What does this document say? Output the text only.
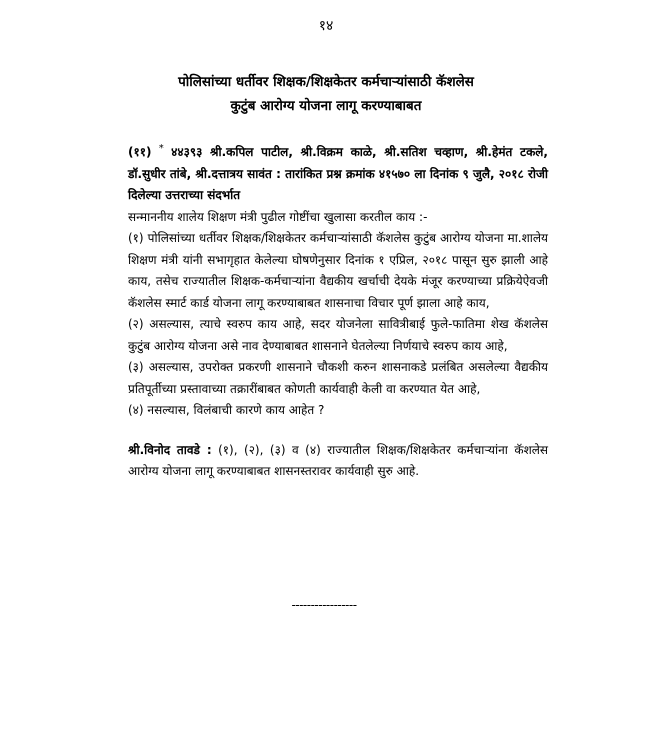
१४
पोलिसांच्या धर्तीवर शिक्षक/शिक्षकेतर कर्मचाऱ्यांसाठी कॅशलेस
कुटुंब आरोग्य योजना लागू करण्याबाबत

(११) * ४४३९३ श्री.कपिल पाटील, श्री.विक्रम काळे, श्री.सतिश चव्हाण, श्री.हेमंत टकले, डॉ.सुधीर तांबे, श्री.दत्तात्रय सावंत : तारांकित प्रश्न क्रमांक ४१५७० ला दिनांक ९ जुलै, २०१८ रोजी दिलेल्या उत्तराच्या संदर्भात

सन्माननीय शालेय शिक्षण मंत्री पुढील गोष्टींचा खुलासा करतील काय :-

(१) पोलिसांच्या धर्तीवर शिक्षक/शिक्षकेतर कर्मचाऱ्यांसाठी कॅशलेस कुटुंब आरोग्य योजना मा.शालेय शिक्षण मंत्री यांनी सभागृहात केलेल्या घोषणेनुसार दिनांक १ एप्रिल, २०१८ पासून सुरु झाली आहे काय, तसेच राज्यातील शिक्षक-कर्मचाऱ्यांना वैद्यकीय खर्चाची देयके मंजूर करण्याच्या प्रक्रियेऐवजी कॅशलेस स्मार्ट कार्ड योजना लागू करण्याबाबत शासनाचा विचार पूर्ण झाला आहे काय,

(२) असल्यास, त्याचे स्वरुप काय आहे, सदर योजनेला सावित्रीबाई फुले-फातिमा शेख कॅशलेस कुटुंब आरोग्य योजना असे नाव देण्याबाबत शासनाने घेतलेल्या निर्णयाचे स्वरुप काय आहे,

(३) असल्यास, उपरोक्त प्रकरणी शासनाने चौकशी करुन शासनाकडे प्रलंबित असलेल्या वैद्यकीय प्रतिपूर्तीच्या प्रस्तावाच्या तक्रारींबाबत कोणती कार्यवाही केली वा करण्यात येत आहे,

(४) नसल्यास, विलंबाची कारणे काय आहेत ?

श्री.विनोद तावडे : (१), (२), (३) व (४) राज्यातील शिक्षक/शिक्षकेतर कर्मचाऱ्यांना कॅशलेस आरोग्य योजना लागू करण्याबाबत शासनस्तरावर कार्यवाही सुरु आहे.

-----------------
